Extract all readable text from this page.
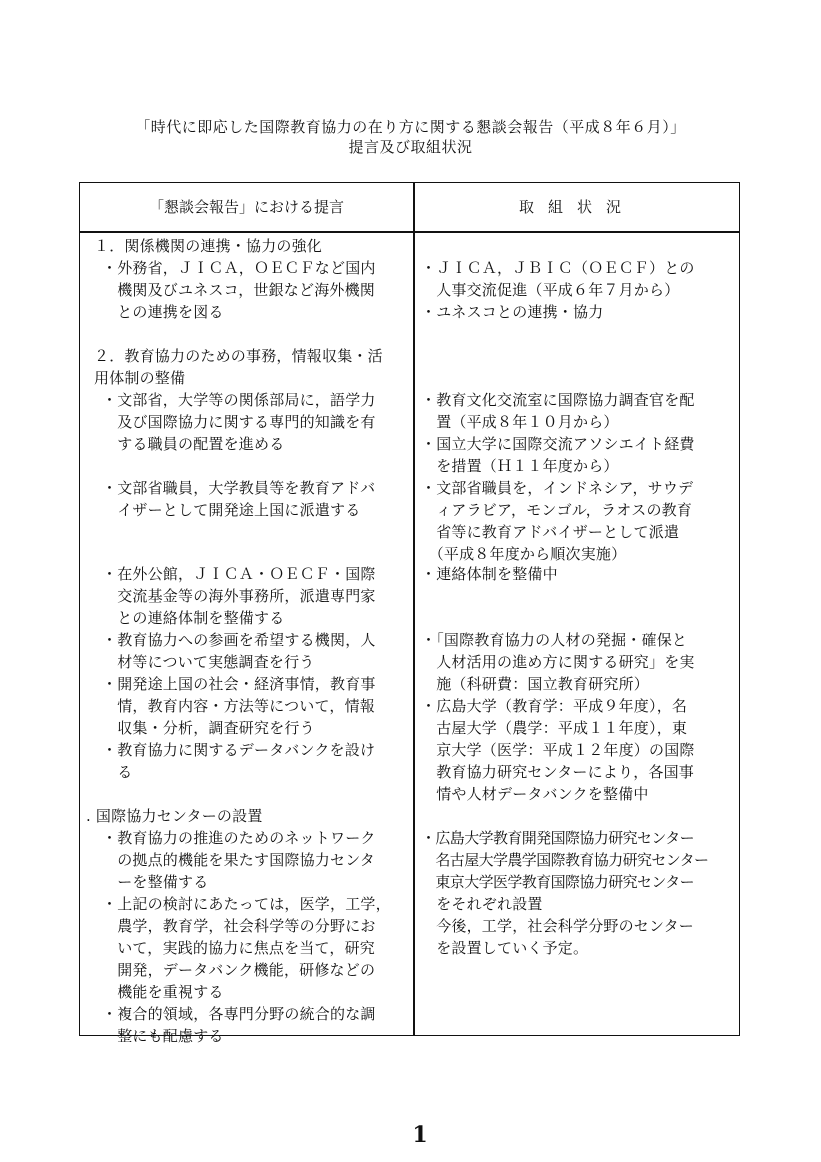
「時代に即応した国際教育協力の在り方に関する懇談会報告（平成８年６月）」
提言及び取組状況
「懇談会報告」における提言	取組状況
１．関係機関の連携・協力の強化
・外務省，ＪＩＣＡ，ＯＥＣＦなど国内
　機関及びユネスコ，世銀など海外機関
　との連携を図る
２．教育協力のための事務，情報収集・活
用体制の整備
・文部省，大学等の関係部局に，語学力
　及び国際協力に関する専門的知識を有
　する職員の配置を進める
・文部省職員，大学教員等を教育アドバ
　イザーとして開発途上国に派遣する
・在外公館，ＪＩＣＡ・ＯＥＣＦ・国際
　交流基金等の海外事務所，派遣専門家
　との連絡体制を整備する
・教育協力への参画を希望する機関，人
　材等について実態調査を行う
・開発途上国の社会・経済事情，教育事
　情，教育内容・方法等について，情報
　収集・分析，調査研究を行う
・教育協力に関するデータバンクを設け
　る
. 国際協力センターの設置
・教育協力の推進のためのネットワーク
　の拠点的機能を果たす国際協力センタ
　ーを整備する
・上記の検討にあたっては，医学，工学，
　農学，教育学，社会科学等の分野にお
　いて，実践的協力に焦点を当て，研究
　開発，データバンク機能，研修などの
　機能を重視する
・複合的領域，各専門分野の統合的な調
　整にも配慮する
・ＪＩＣＡ，ＪＢＩＣ（ＯＥＣＦ）との
　人事交流促進（平成６年７月から）
・ユネスコとの連携・協力
・教育文化交流室に国際協力調査官を配
　置（平成８年１０月から）
・国立大学に国際交流アソシエイト経費
　を措置（Ｈ１１年度から）
・文部省職員を，インドネシア，サウデ
　ィアラビア，モンゴル，ラオスの教育
　省等に教育アドバイザーとして派遣
　（平成８年度から順次実施）
・連絡体制を整備中
・「国際教育協力の人材の発掘・確保と
　人材活用の進め方に関する研究」を実
　施（科研費：国立教育研究所）
・広島大学（教育学：平成９年度），名
　古屋大学（農学：平成１１年度），東
　京大学（医学：平成１２年度）の国際
　教育協力研究センターにより，各国事
　情や人材データバンクを整備中
・広島大学教育開発国際協力研究センター
　名古屋大学農学国際教育協力研究センター
　東京大学医学教育国際協力研究センター
　をそれぞれ設置
　今後，工学，社会科学分野のセンター
　を設置していく予定。
1
